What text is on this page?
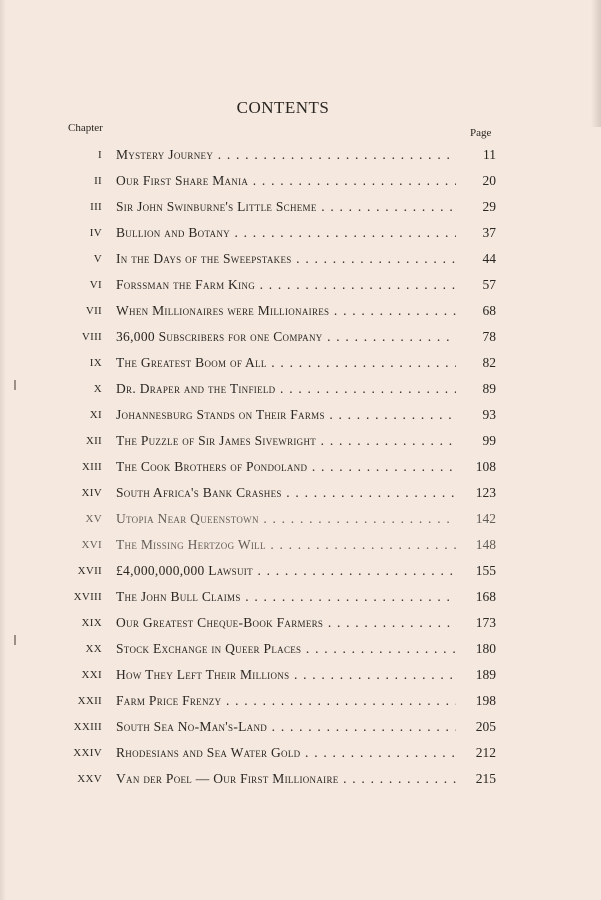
CONTENTS
Chapter	Page
I Mystery Journey . .	11
II Our First Share Mania . .	20
III Sir John Swinburne's Little Scheme . .	29
IV Bullion and Botany . .	37
V In the Days of the Sweepstakes . .	44
VI Forssman the Farm King . .	57
VII When Millionaires were Millionaires . .	68
VIII 36,000 Subscribers for one Company . .	78
IX The Greatest Boom of All . .	82
X Dr. Draper and the Tinfield . .	89
XI Johannesburg Stands on Their Farms . .	93
XII The Puzzle of Sir James Sivewright . .	99
XIII The Cook Brothers of Pondoland . .	108
XIV South Africa's Bank Crashes . .	123
XV Utopia Near Queenstown . .	142
XVI The Missing Hertzog Will . .	148
XVII £4,000,000,000 Lawsuit . .	155
XVIII The John Bull Claims . .	168
XIX Our Greatest Cheque-Book Farmers . .	173
XX Stock Exchange in Queer Places . .	180
XXI How They Left Their Millions . .	189
XXII Farm Price Frenzy . .	198
XXIII South Sea No-Man's-Land . .	205
XXIV Rhodesians and Sea Water Gold . .	212
XXV Van der Poel — Our First Millionaire . .	215
